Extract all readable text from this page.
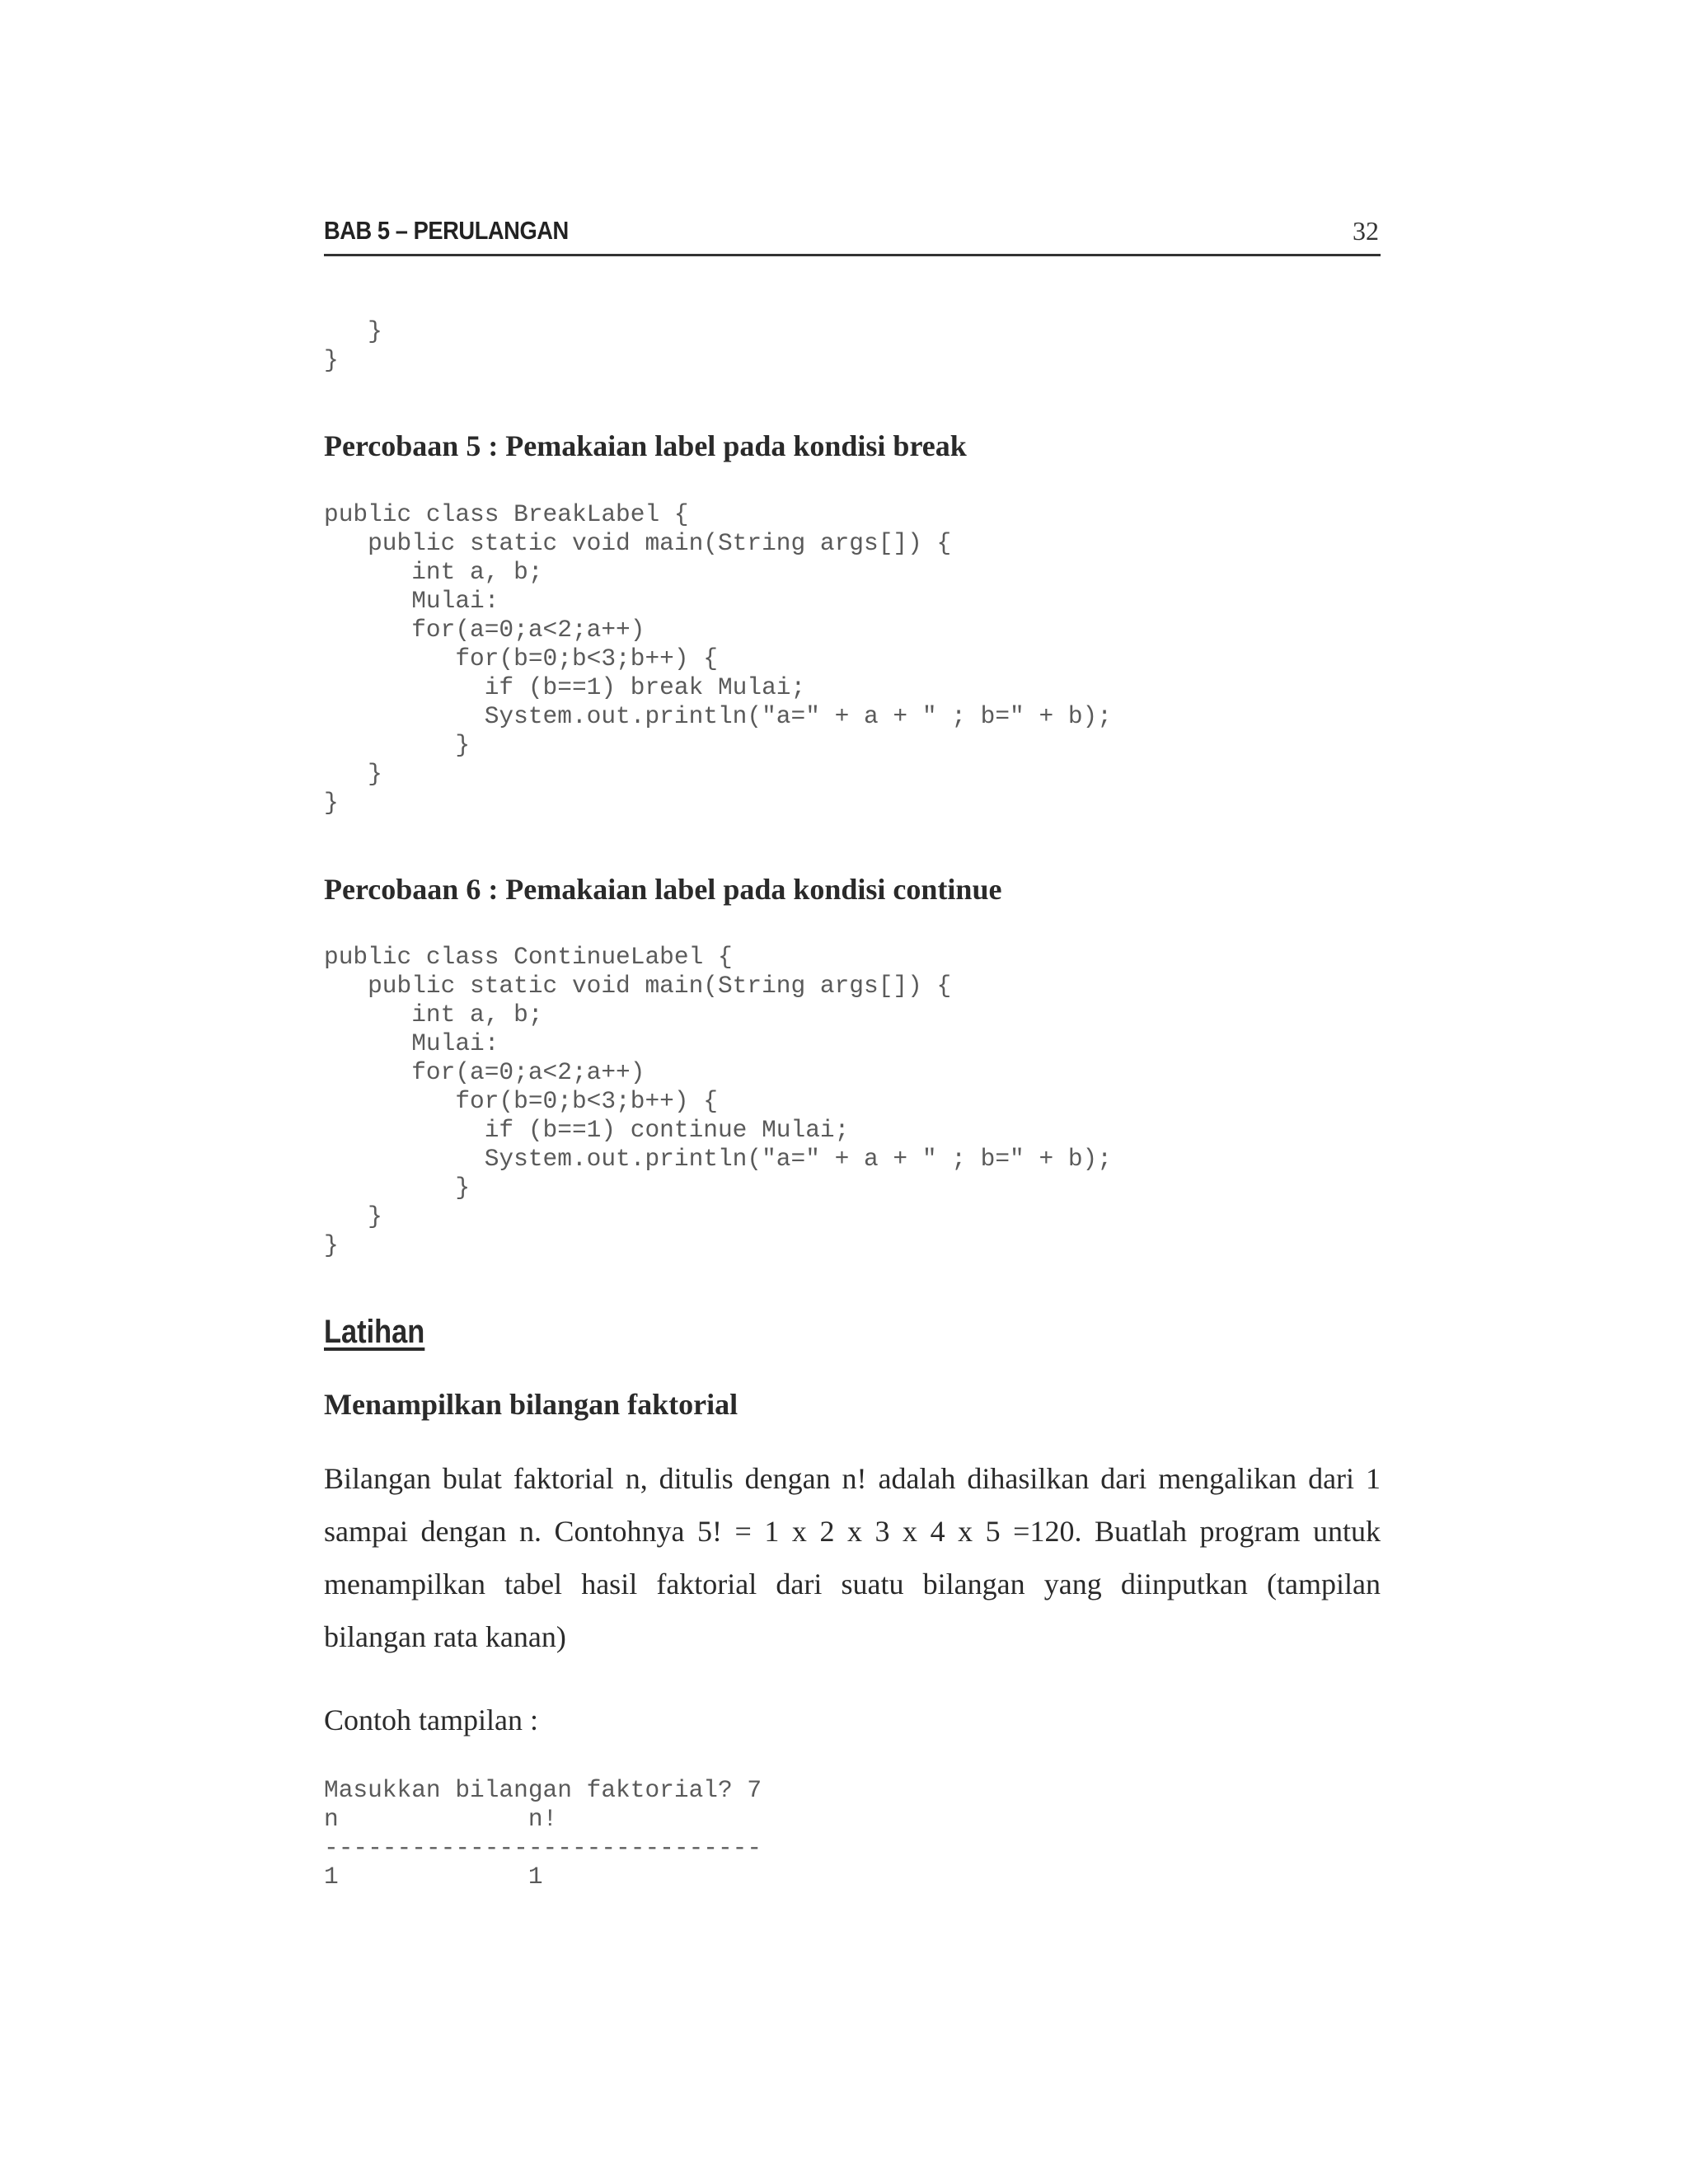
BAB 5 – PERULANGAN	32
}
}
Percobaan 5 : Pemakaian label pada kondisi break
public class BreakLabel {
public static void main(String args[]) {
int a, b;
Mulai:
for(a=0;a<2;a++)
for(b=0;b<3;b++) {
if (b==1) break Mulai;
System.out.println("a=" + a + " ; b=" + b);
}
}
}
Percobaan 6 : Pemakaian label pada kondisi continue
public class ContinueLabel {
public static void main(String args[]) {
int a, b;
Mulai:
for(a=0;a<2;a++)
for(b=0;b<3;b++) {
if (b==1) continue Mulai;
System.out.println("a=" + a + " ; b=" + b);
}
}
}
Latihan
Menampilkan bilangan faktorial

Bilangan bulat faktorial n, ditulis dengan n! adalah dihasilkan dari mengalikan dari 1 sampai dengan n. Contohnya 5! = 1 x 2 x 3 x 4 x 5 =120. Buatlah program untuk menampilkan tabel hasil faktorial dari suatu bilangan yang diinputkan (tampilan bilangan rata kanan)

Contoh tampilan :

Masukkan bilangan faktorial? 7
n             n!
------------------------------
1             1
